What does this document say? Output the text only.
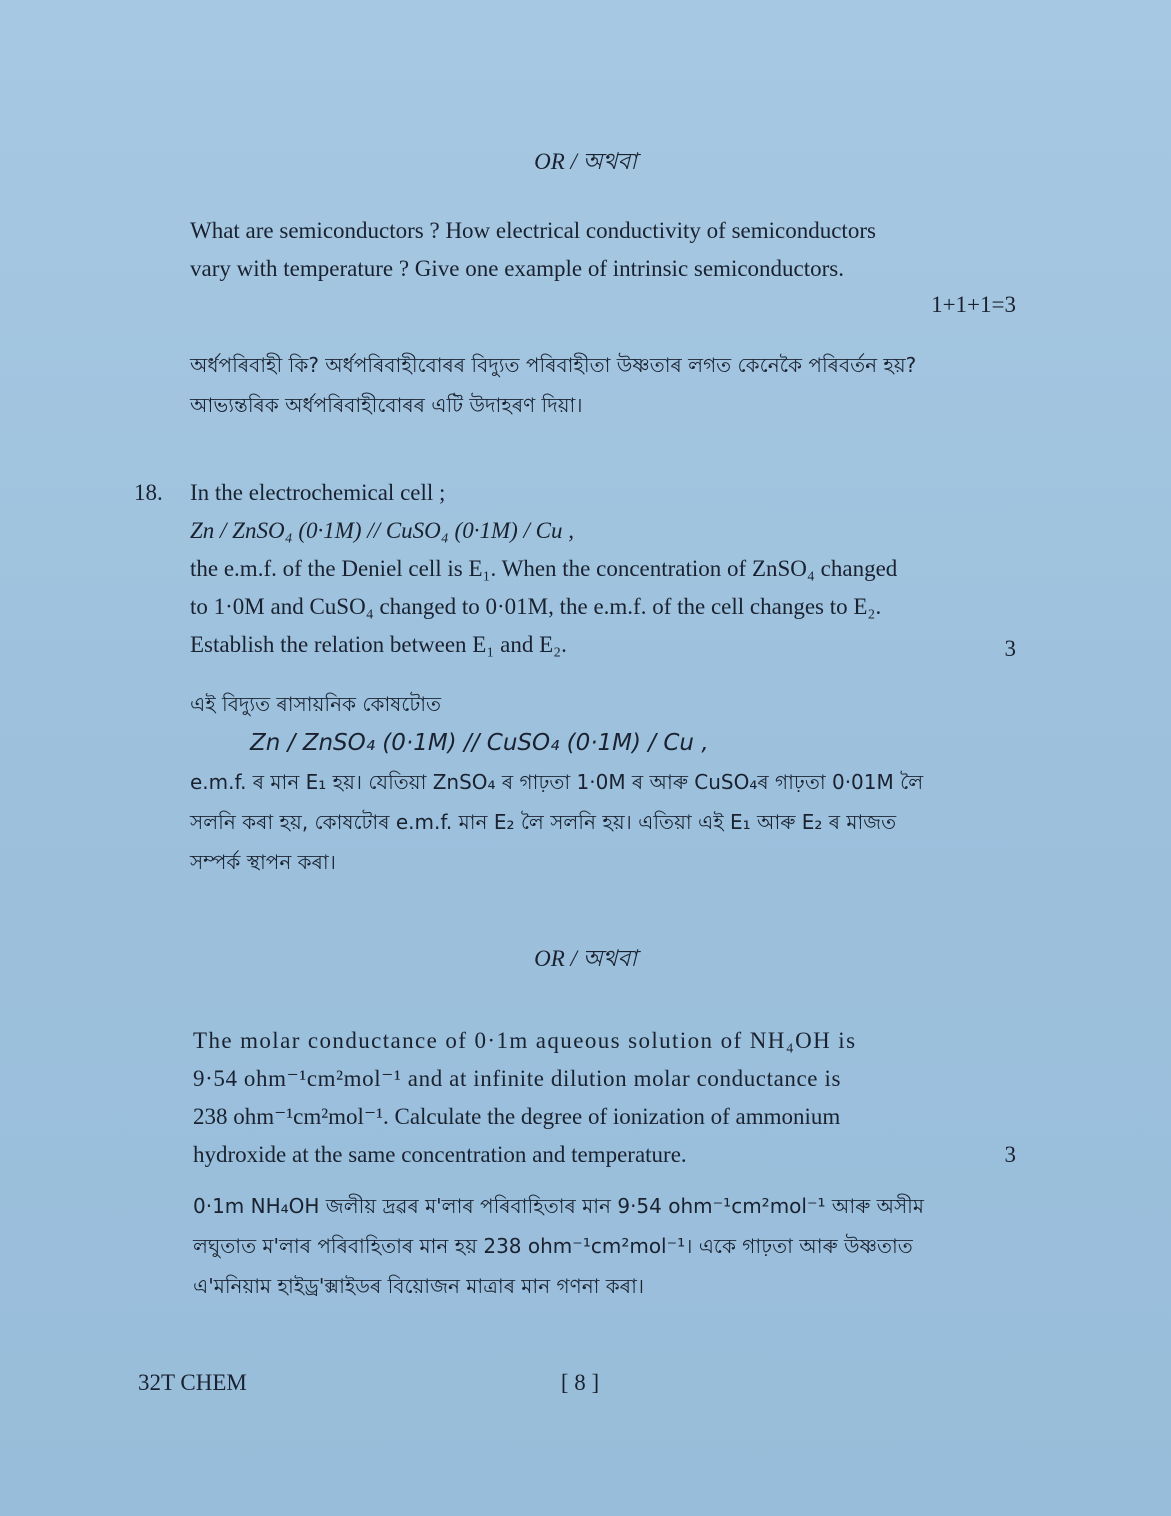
OR / অথবা
What are semiconductors ? How electrical conductivity of semiconductors
vary with temperature ? Give one example of intrinsic semiconductors.
1+1+1=3
অৰ্ধপৰিবাহী কি? অৰ্ধপৰিবাহীবোৰৰ বিদ্যুত পৰিবাহীতা উষ্ণতাৰ লগত কেনেকৈ পৰিবৰ্তন হয়?
আভ্যন্তৰিক অৰ্ধপৰিবাহীবোৰৰ এটি উদাহৰণ দিয়া।
18. In the electrochemical cell ;
Zn / ZnSO₄ (0·1M) // CuSO₄ (0·1M) / Cu ,
the e.m.f. of the Deniel cell is E₁. When the concentration of ZnSO₄ changed
to 1·0M and CuSO₄ changed to 0·01M, the e.m.f. of the cell changes to E₂.
Establish the relation between E₁ and E₂.	3
এই বিদ্যুত ৰাসায়নিক কোষটোত
Zn / ZnSO₄ (0·1M) // CuSO₄ (0·1M) / Cu ,
e.m.f. ৰ মান E₁ হয়। যেতিয়া ZnSO₄ ৰ গাঢ়তা 1·0M ৰ আৰু CuSO₄ৰ গাঢ়তা 0·01M লৈ
সলনি কৰা হয়, কোষটোৰ e.m.f. মান E₂ লৈ সলনি হয়। এতিয়া এই E₁ আৰু E₂ ৰ মাজত
সম্পৰ্ক স্থাপন কৰা।
OR / অথবা
The molar conductance of 0·1m aqueous solution of NH₄OH is
9·54 ohm⁻¹cm²mol⁻¹ and at infinite dilution molar conductance is
238 ohm⁻¹cm²mol⁻¹. Calculate the degree of ionization of ammonium
hydroxide at the same concentration and temperature.	3
0·1m NH₄OH জলীয় দ্ৰৱৰ ম'লাৰ পৰিবাহিতাৰ মান 9·54 ohm⁻¹cm²mol⁻¹ আৰু অসীম
লঘুতাত ম'লাৰ পৰিবাহিতাৰ মান হয় 238 ohm⁻¹cm²mol⁻¹। একে গাঢ়তা আৰু উষ্ণতাত
এ'মনিয়াম হাইড্ৰ'ক্সাইডৰ বিয়োজন মাত্ৰাৰ মান গণনা কৰা।
32T CHEM	[ 8 ]
